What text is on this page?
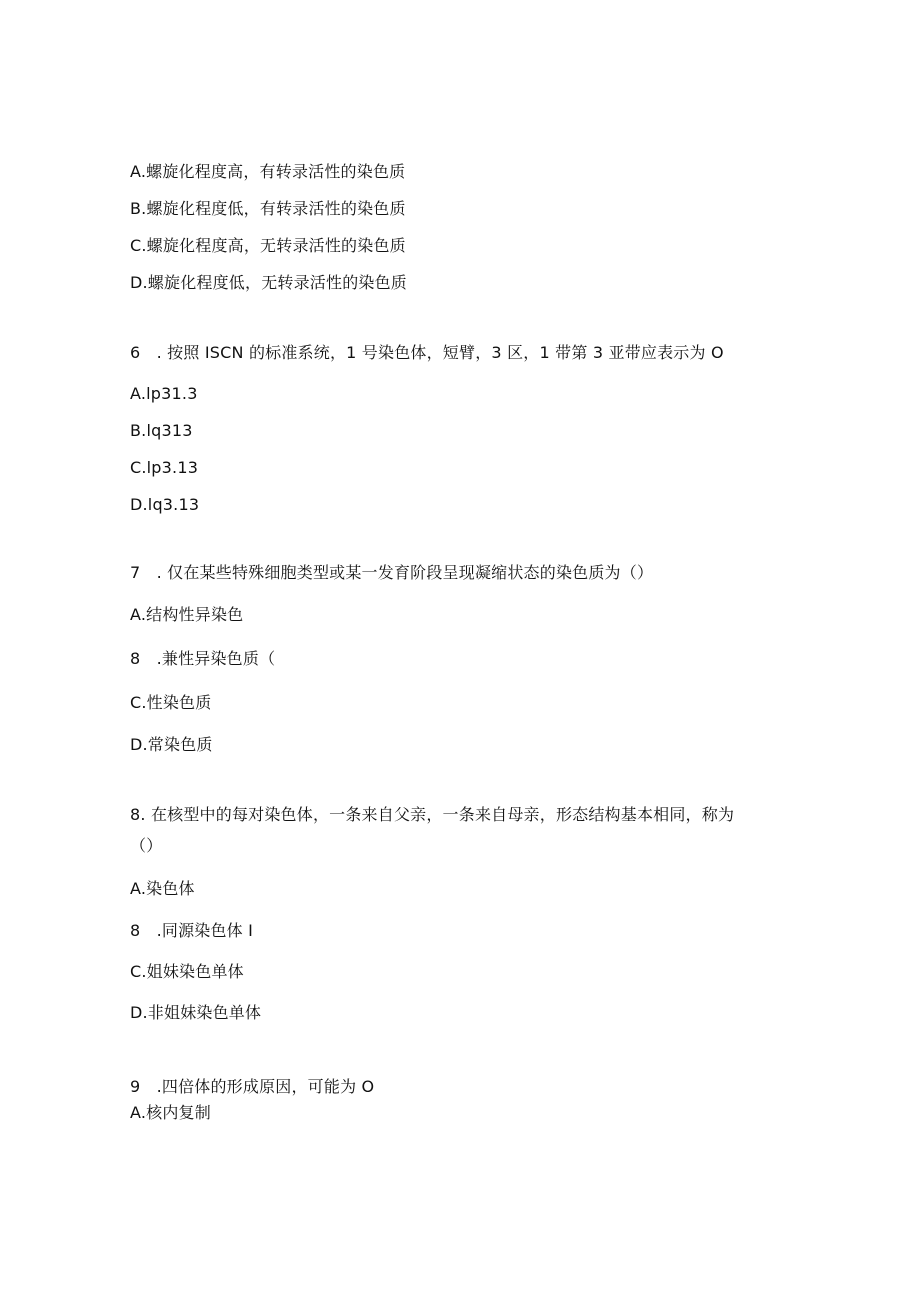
A.螺旋化程度高，有转录活性的染色质
B.螺旋化程度低，有转录活性的染色质
C.螺旋化程度高，无转录活性的染色质
D.螺旋化程度低，无转录活性的染色质
6　. 按照 ISCN 的标准系统，1 号染色体，短臂，3 区，1 带第 3 亚带应表示为 O
A.lp31.3
B.lq313
C.lp3.13
D.lq3.13
7　. 仅在某些特殊细胞类型或某一发育阶段呈现凝缩状态的染色质为（）
A.结构性异染色
8　.兼性异染色质（
C.性染色质
D.常染色质
8. 在核型中的每对染色体，一条来自父亲，一条来自母亲，形态结构基本相同，称为
（）
A.染色体
8　.同源染色体 I
C.姐妹染色单体
D.非姐妹染色单体
9　.四倍体的形成原因，可能为 O
A.核内复制
